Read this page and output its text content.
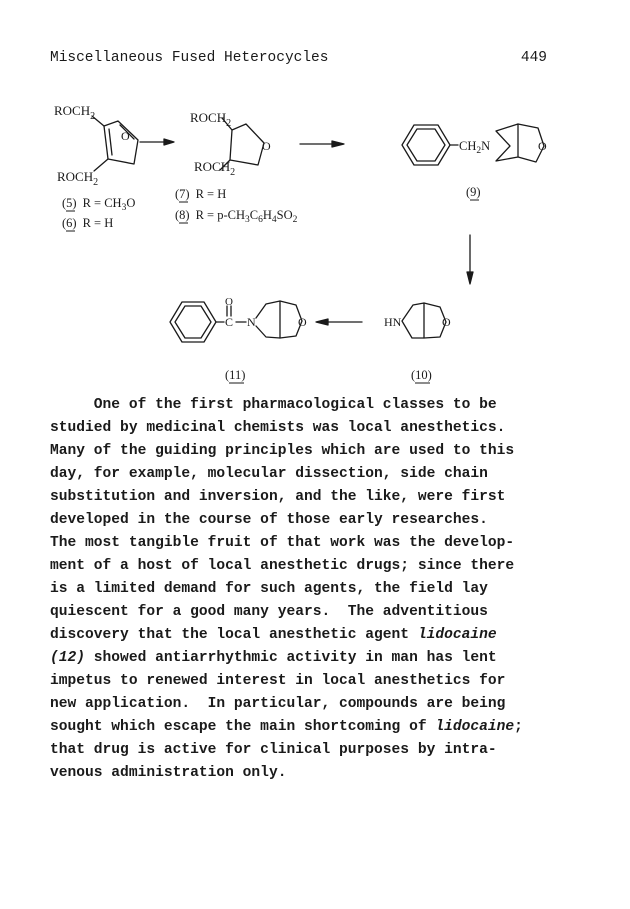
Miscellaneous Fused Heterocycles	449
$ROCH_2$
$ROCH_2$
O
(5) $R = CH_3O$
(6) R = H
$ROCH_2$
$ROCH_2$
O
(7) R = H
(8) $R = p-CH_3C_6H_4SO_2$
$CH_2N$	O
(9)
HN	O
(10)
O
C N	O
(11)
One of the first pharmacological classes to be
studied by medicinal chemists was local anesthetics.
Many of the guiding principles which are used to this
day, for example, molecular dissection, side chain
substitution and inversion, and the like, were first
developed in the course of those early researches.
The most tangible fruit of that work was the develop-
ment of a host of local anesthetic drugs; since there
is a limited demand for such agents, the field lay
quiescent for a good many years.  The adventitious
discovery that the local anesthetic agent lidocaine
(12) showed antiarrhythmic activity in man has lent
impetus to renewed interest in local anesthetics for
new application.  In particular, compounds are being
sought which escape the main shortcoming of lidocaine;
that drug is active for clinical purposes by intra-
venous administration only.
